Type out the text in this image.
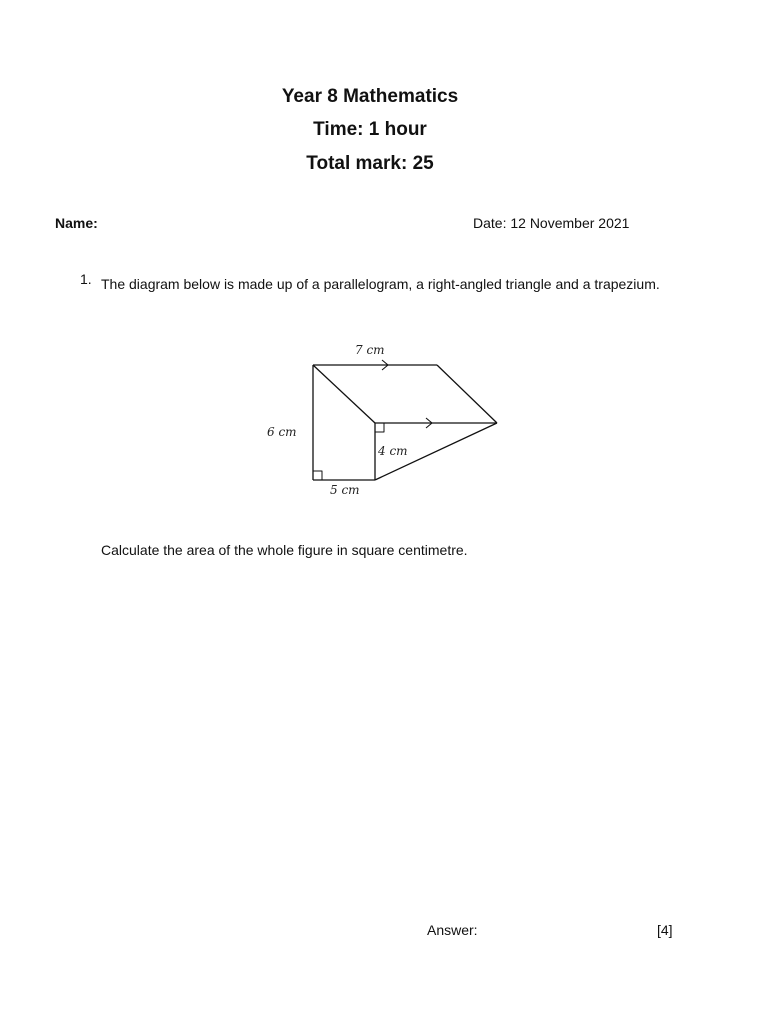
Year 8 Mathematics
Time: 1 hour
Total mark: 25
Name:	Date: 12 November 2021
1. The diagram below is made up of a parallelogram, a right-angled triangle and a trapezium.
7 cm
6 cm
4 cm
5 cm
Calculate the area of the whole figure in square centimetre.
Answer:	[4]
